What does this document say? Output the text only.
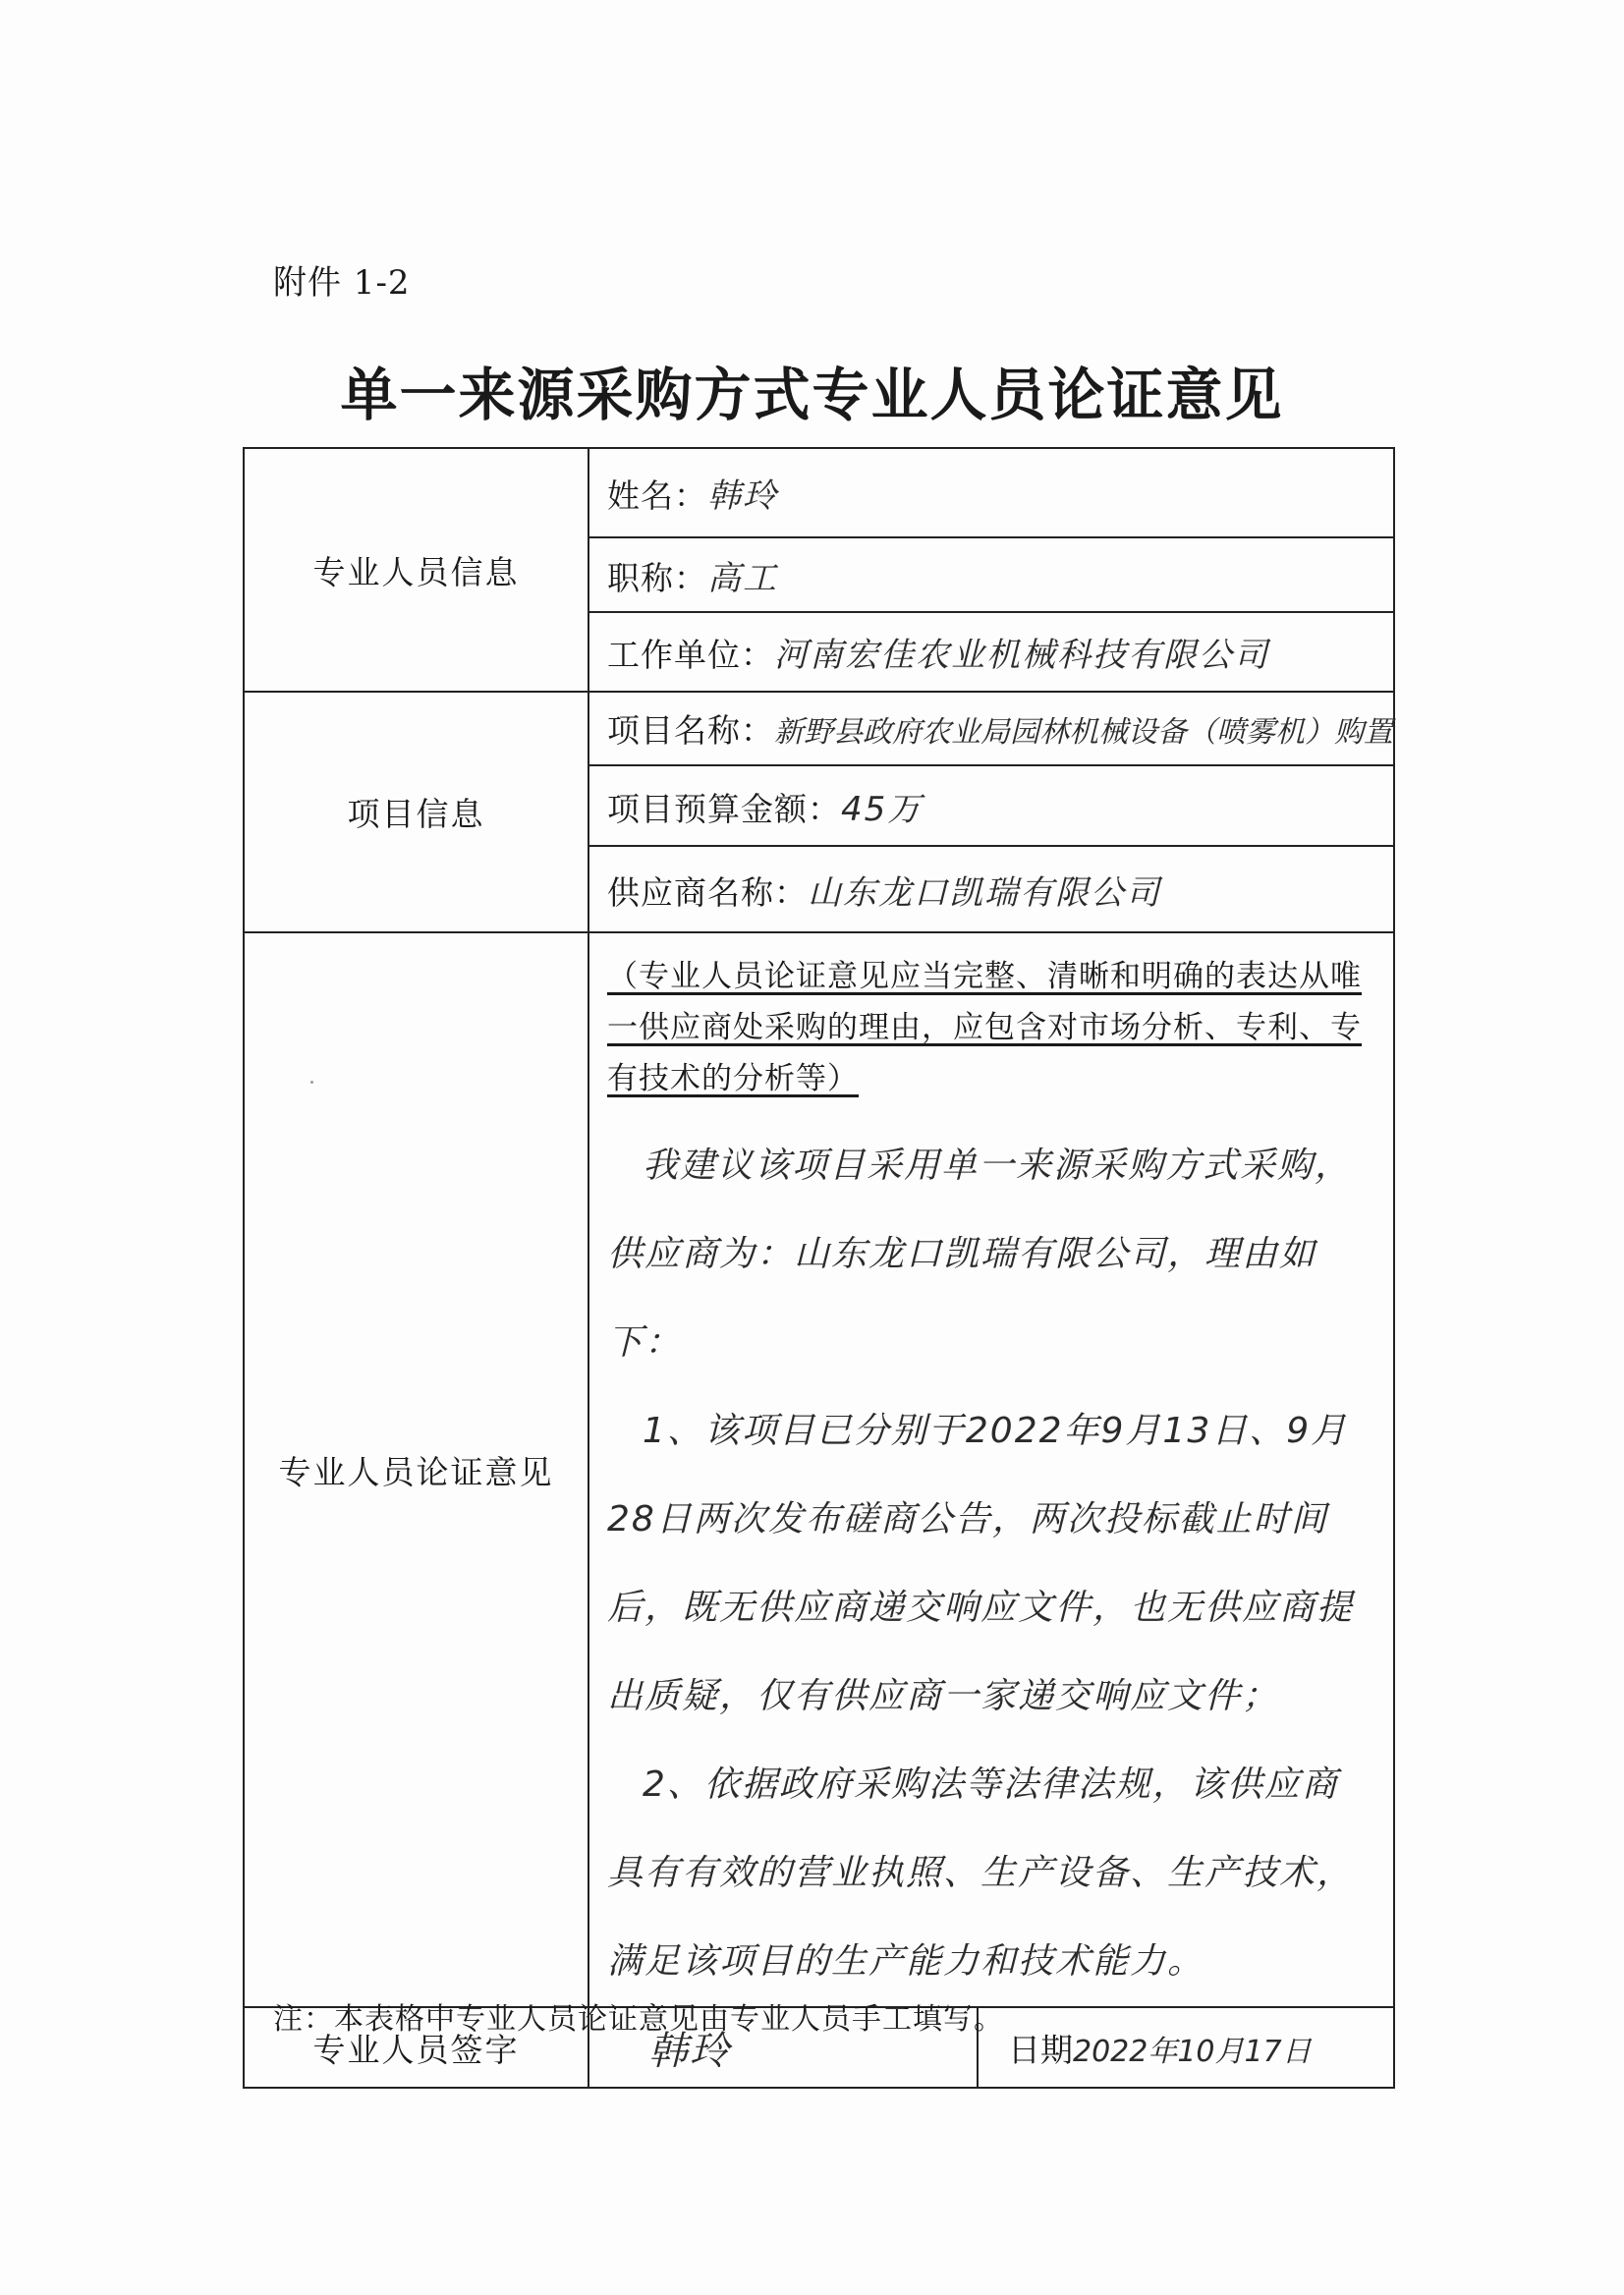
附件 1-2
单一来源采购方式专业人员论证意见
专业人员信息	姓名：韩玲	
	职称：高工	
	工作单位：河南宏佳农业机械科技有限公司	
项目信息	项目名称：新野县政府农业局园林机械设备（喷雾机）购置	
	项目预算金额：45万	
	供应商名称：山东龙口凯瑞有限公司	
专业人员论证意见	（专业人员论证意见应当完整、清晰和明确的表达从唯一供应商处采购的理由，应包含对市场分析、专利、专有技术的分析等）

我建议该项目采用单一来源采购方式采购，供应商为：山东龙口凯瑞有限公司，理由如下：

1、该项目已分别于2022年9月13日、9月28日两次发布磋商公告，两次投标截止时间后，既无供应商递交响应文件，也无供应商提出质疑，仅有供应商一家递交响应文件；

2、依据政府采购法等法律法规，该供应商具有有效的营业执照、生产设备、生产技术，满足该项目的生产能力和技术能力。	

专业人员签字	韩玲	日期2022年10月17日
注：本表格中专业人员论证意见由专业人员手工填写。
